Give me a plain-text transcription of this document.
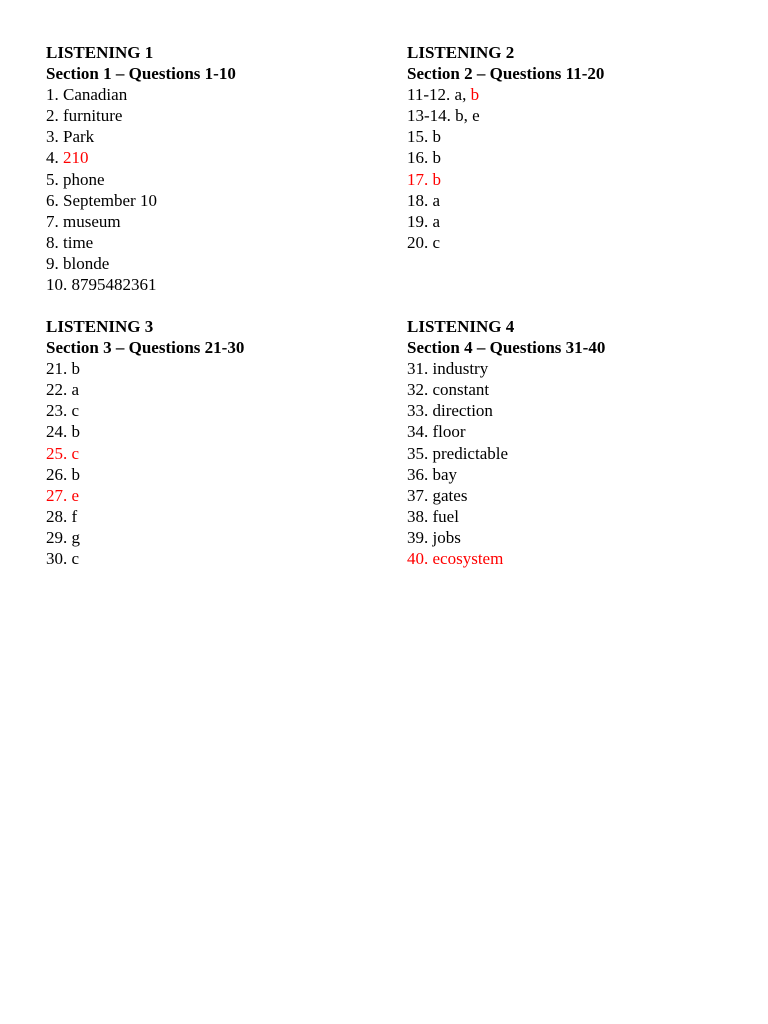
LISTENING 1
Section 1 – Questions 1-10
1. Canadian
2. furniture
3. Park
4. 210
5. phone
6. September 10
7. museum
8. time
9. blonde
10. 8795482361
LISTENING 2
Section 2 – Questions 11-20
11-12. a, b
13-14. b, e
15. b
16. b
17. b
18. a
19. a
20. c
LISTENING 3
Section 3 – Questions 21-30
21. b
22. a
23. c
24. b
25. c
26. b
27. e
28. f
29. g
30. c
LISTENING 4
Section 4 – Questions 31-40
31. industry
32. constant
33. direction
34. floor
35. predictable
36. bay
37. gates
38. fuel
39. jobs
40. ecosystem
